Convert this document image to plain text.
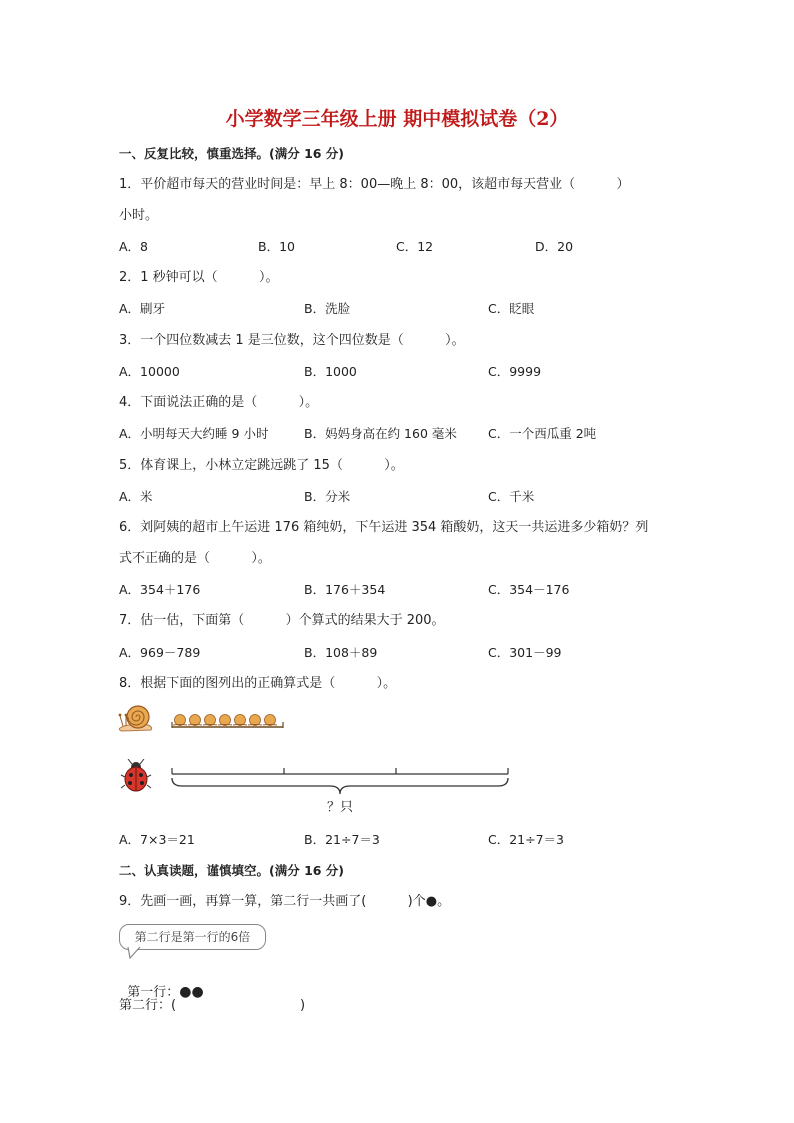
小学数学三年级上册 期中模拟试卷（2）
一、反复比较，慎重选择。(满分 16 分)
1．平价超市每天的营业时间是：早上 8：00—晚上 8：00，该超市每天营业（          ）
小时。
A．8	B．10	C．12	D．20
2．1 秒钟可以（          ）。
A．刷牙	B．洗脸	C．眨眼
3．一个四位数减去 1 是三位数，这个四位数是（          ）。
A．10000	B．1000	C．9999
4．下面说法正确的是（          ）。
A．小明每天大约睡 9 小时	B．妈妈身高在约 160 毫米 C．一个西瓜重 2吨
5．体育课上，小林立定跳远跳了 15（          ）。
A．米	B．分米	C．千米
6．刘阿姨的超市上午运进 176 箱纯奶，下午运进 354 箱酸奶，这天一共运进多少箱奶？列
式不正确的是（          ）。
A．354＋176	B．176＋354	C．354－176
7．估一估，下面第（          ）个算式的结果大于 200。
A．969－789	B．108＋89	C．301－99
8．根据下面的图列出的正确算式是（          ）。
？只
A．7×3＝21	B．21÷7＝3	C．21÷7＝3
二、认真读题，谨慎填空。(满分 16 分)
9．先画一画，再算一算，第二行一共画了(          )个●。
第二行是第一行的6倍

第一行：●●

第二行：(                              )
